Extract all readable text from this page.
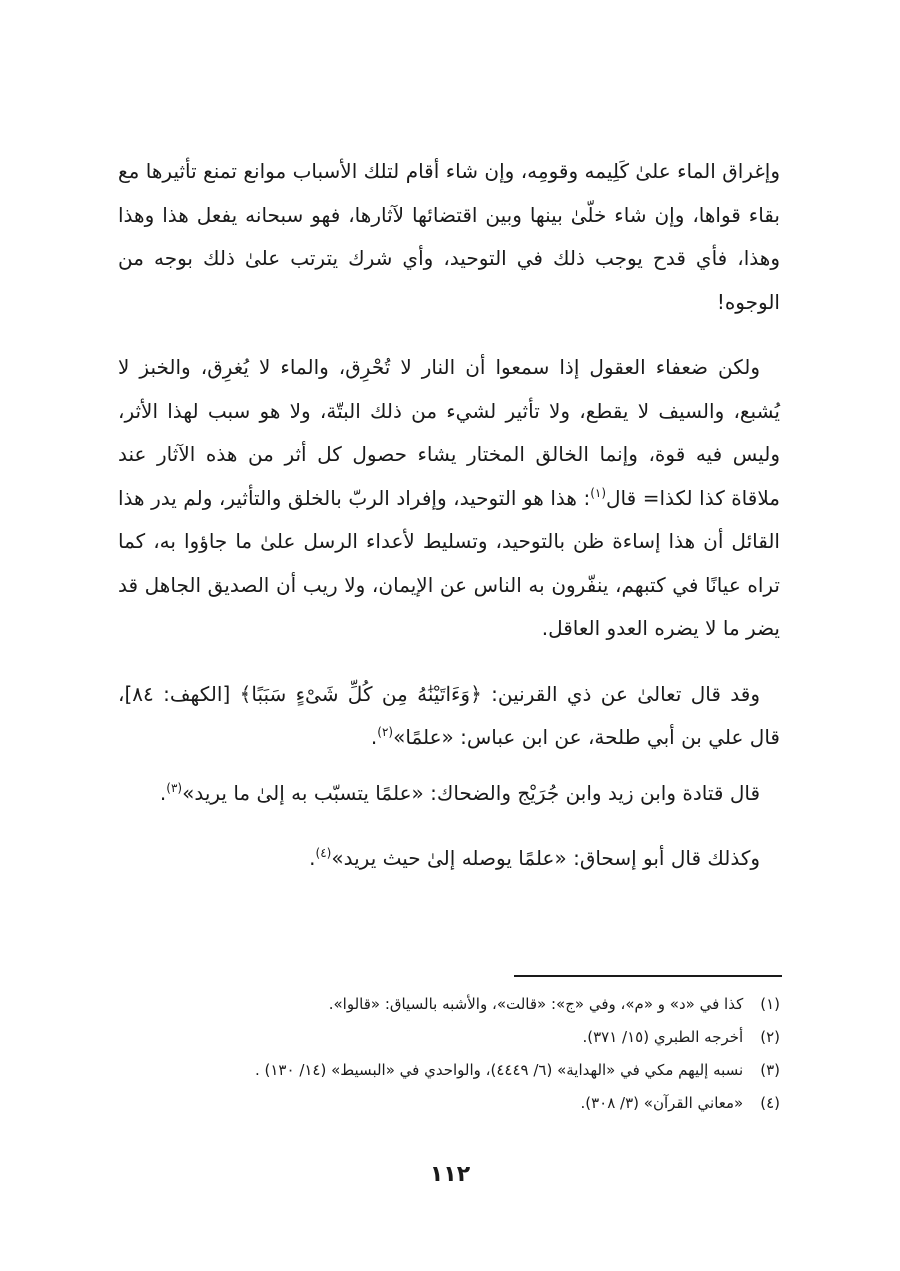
وإغراق الماء علىٰ كَلِيمه وقومِه، وإن شاء أقام لتلك الأسباب موانع تمنع تأثيرها مع بقاء قواها، وإن شاء خلّىٰ بينها وبين اقتضائها لآثارها، فهو سبحانه يفعل هذا وهذا وهذا، فأي قدح يوجب ذلك في التوحيد، وأي شرك يترتب علىٰ ذلك بوجه من الوجوه!

ولكن ضعفاء العقول إذا سمعوا أن النار لا تُحْرِق، والماء لا يُغرِق، والخبز لا يُشبع، والسيف لا يقطع، ولا تأثير لشيء من ذلك البتّة، ولا هو سبب لهذا الأثر، وليس فيه قوة، وإنما الخالق المختار يشاء حصول كل أثر من هذه الآثار عند ملاقاة كذا لكذا= قال$^{(١)}$: هذا هو التوحيد، وإفراد الربّ بالخلق والتأثير، ولم يدر هذا القائل أن هذا إساءة ظن بالتوحيد، وتسليط لأعداء الرسل علىٰ ما جاؤوا به، كما تراه عيانًا في كتبهم، ينفّرون به الناس عن الإيمان، ولا ريب أن الصديق الجاهل قد يضر ما لا يضره العدو العاقل.

وقد قال تعالىٰ عن ذي القرنين: ﴿وَءَاتَيْنَٰهُ مِن كُلِّ شَىْءٍ سَبَبًا﴾ [الكهف: ٨٤]، قال علي بن أبي طلحة، عن ابن عباس: «علمًا»$^{(٢)}$.

قال قتادة وابن زيد وابن جُرَيْج والضحاك: «علمًا يتسبّب به إلىٰ ما يريد»$^{(٣)}$.

وكذلك قال أبو إسحاق: «علمًا يوصله إلىٰ حيث يريد»$^{(٤)}$.

(١) كذا في «د» و «م»، وفي «ج»: «قالت»، والأشبه بالسياق: «قالوا».

(٢) أخرجه الطبري (١٥/ ٣٧١).

(٣) نسبه إليهم مكي في «الهداية» (٦/ ٤٤٤٩)، والواحدي في «البسيط» (١٤/ ١٣٠) .

(٤) «معاني القرآن» (٣/ ٣٠٨).

١١٢
